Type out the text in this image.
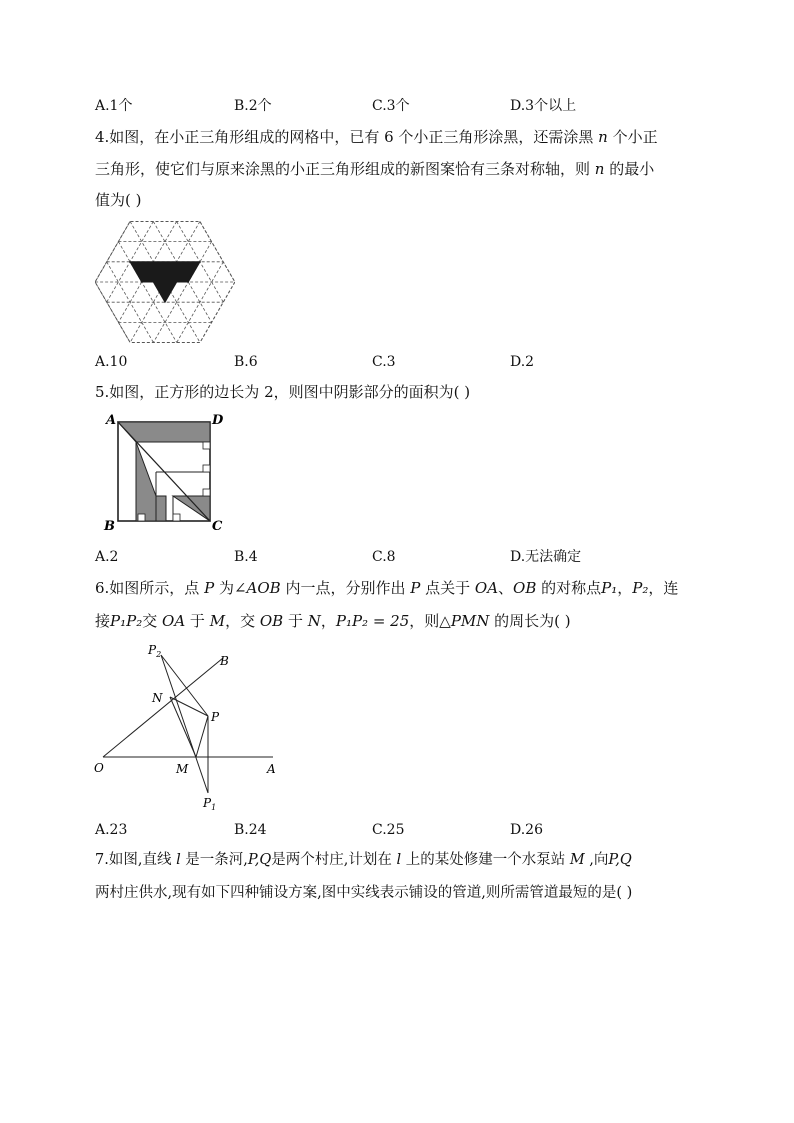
A.1个	B.2个	C.3个	D.3个以上
4.如图，在小正三角形组成的网格中，已有 6 个小正三角形涂黑，还需涂黑 n 个小正
三角形，使它们与原来涂黑的小正三角形组成的新图案恰有三条对称轴，则 n 的最小
值为( )
A.10	B.6	C.3	D.2
5.如图，正方形的边长为 2，则图中阴影部分的面积为( )
A	D
B	C
A.2	B.4	C.8	D.无法确定
6.如图所示，点 P 为∠AOB 内一点，分别作出 P 点关于 OA、OB 的对称点P₁，P₂，连
接P₁P₂交 OA 于 M，交 OB 于 N，P₁P₂ = 25，则△PMN 的周长为( )
$P_2$	B
N
P
O	M	A
$P_1$
A.23	B.24	C.25	D.26
7.如图,直线 l 是一条河,P,Q是两个村庄,计划在 l 上的某处修建一个水泵站 M ,向P,Q
两村庄供水,现有如下四种铺设方案,图中实线表示铺设的管道,则所需管道最短的是( )
